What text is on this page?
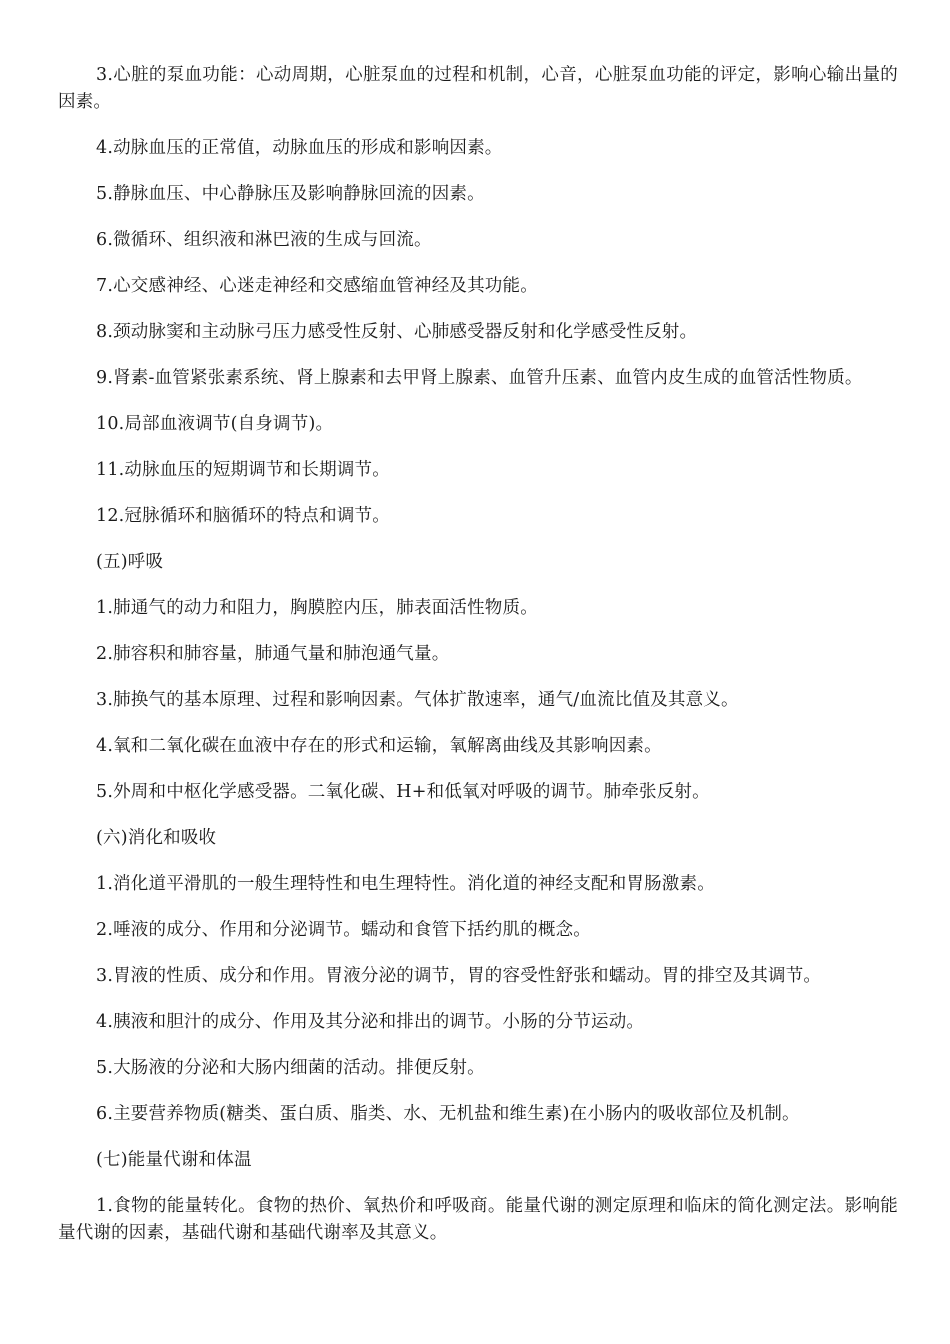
3.心脏的泵血功能：心动周期，心脏泵血的过程和机制，心音，心脏泵血功能的评定，影响心输出量的因素。

4.动脉血压的正常值，动脉血压的形成和影响因素。

5.静脉血压、中心静脉压及影响静脉回流的因素。

6.微循环、组织液和淋巴液的生成与回流。

7.心交感神经、心迷走神经和交感缩血管神经及其功能。

8.颈动脉窦和主动脉弓压力感受性反射、心肺感受器反射和化学感受性反射。

9.肾素-血管紧张素系统、肾上腺素和去甲肾上腺素、血管升压素、血管内皮生成的血管活性物质。

10.局部血液调节(自身调节)。

11.动脉血压的短期调节和长期调节。

12.冠脉循环和脑循环的特点和调节。

(五)呼吸

1.肺通气的动力和阻力，胸膜腔内压，肺表面活性物质。

2.肺容积和肺容量，肺通气量和肺泡通气量。

3.肺换气的基本原理、过程和影响因素。气体扩散速率，通气/血流比值及其意义。

4.氧和二氧化碳在血液中存在的形式和运输，氧解离曲线及其影响因素。

5.外周和中枢化学感受器。二氧化碳、H+和低氧对呼吸的调节。肺牵张反射。

(六)消化和吸收

1.消化道平滑肌的一般生理特性和电生理特性。消化道的神经支配和胃肠激素。

2.唾液的成分、作用和分泌调节。蠕动和食管下括约肌的概念。

3.胃液的性质、成分和作用。胃液分泌的调节，胃的容受性舒张和蠕动。胃的排空及其调节。

4.胰液和胆汁的成分、作用及其分泌和排出的调节。小肠的分节运动。

5.大肠液的分泌和大肠内细菌的活动。排便反射。

6.主要营养物质(糖类、蛋白质、脂类、水、无机盐和维生素)在小肠内的吸收部位及机制。

(七)能量代谢和体温

1.食物的能量转化。食物的热价、氧热价和呼吸商。能量代谢的测定原理和临床的简化测定法。影响能量代谢的因素，基础代谢和基础代谢率及其意义。
